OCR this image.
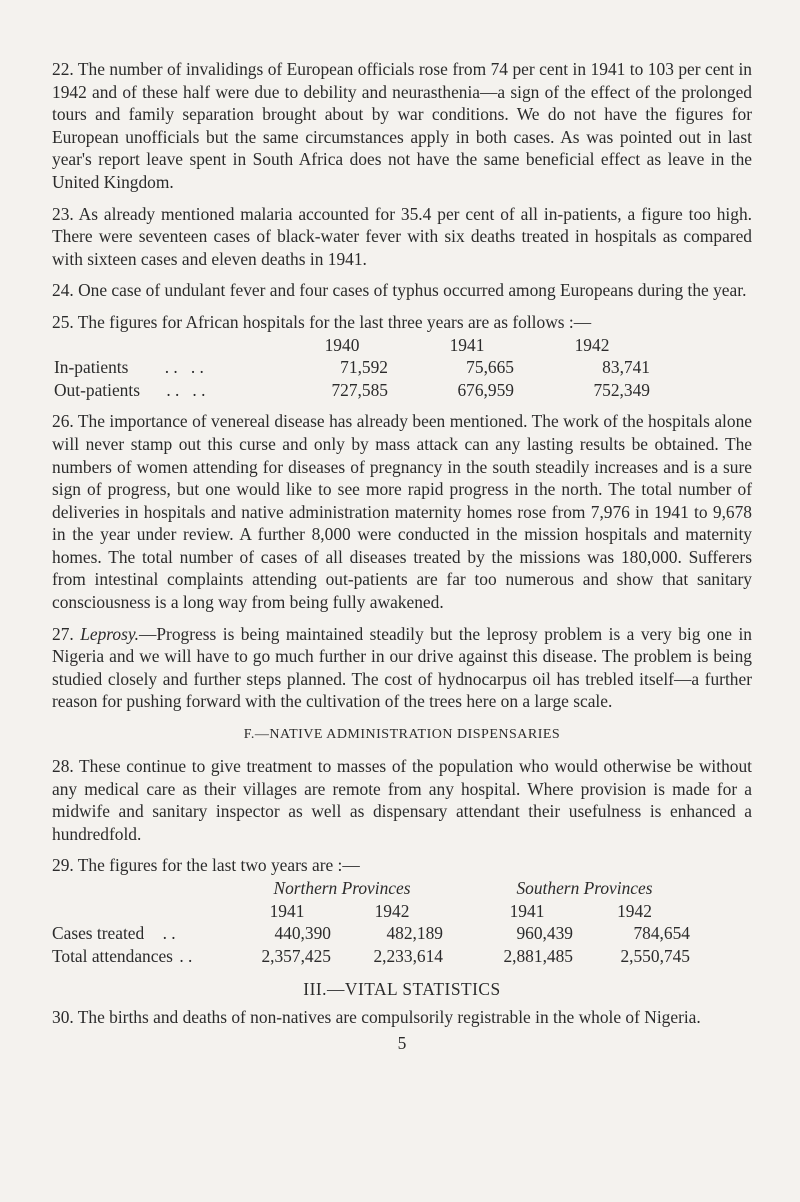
22. The number of invalidings of European officials rose from 74 per cent in 1941 to 103 per cent in 1942 and of these half were due to debility and neurasthenia—a sign of the effect of the prolonged tours and family separation brought about by war conditions. We do not have the figures for European unofficials but the same circumstances apply in both cases. As was pointed out in last year's report leave spent in South Africa does not have the same beneficial effect as leave in the United Kingdom.

23. As already mentioned malaria accounted for 35.4 per cent of all in-patients, a figure too high. There were seventeen cases of black-water fever with six deaths treated in hospitals as compared with sixteen cases and eleven deaths in 1941.

24. One case of undulant fever and four cases of typhus occurred among Europeans during the year.

25. The figures for African hospitals for the last three years are as follows :—

	1940	1941	1942
In-patients . .   . .	71,592	75,665	83,741
Out-patients . .   . .	727,585	676,959	752,349

26. The importance of venereal disease has already been mentioned. The work of the hospitals alone will never stamp out this curse and only by mass attack can any lasting results be obtained. The numbers of women attending for diseases of pregnancy in the south steadily increases and is a sure sign of progress, but one would like to see more rapid progress in the north. The total number of deliveries in hospitals and native administration maternity homes rose from 7,976 in 1941 to 9,678 in the year under review. A further 8,000 were conducted in the mission hospitals and maternity homes. The total number of cases of all diseases treated by the missions was 180,000. Sufferers from intestinal complaints attending out-patients are far too numerous and show that sanitary consciousness is a long way from being fully awakened.

27. Leprosy.—Progress is being maintained steadily but the leprosy problem is a very big one in Nigeria and we will have to go much further in our drive against this disease. The problem is being studied closely and further steps planned. The cost of hydnocarpus oil has trebled itself—a further reason for pushing forward with the cultivation of the trees here on a large scale.

F.—NATIVE ADMINISTRATION DISPENSARIES

28. These continue to give treatment to masses of the population who would otherwise be without any medical care as their villages are remote from any hospital. Where provision is made for a midwife and sanitary inspector as well as dispensary attendant their usefulness is enhanced a hundredfold.

29. The figures for the last two years are :—

	Northern Provinces			Southern Provinces	
	1941	1942		1941	1942
Cases treated . .	440,390	482,189		960,439	784,654
Total attendances . .	2,357,425	2,233,614		2,881,485	2,550,745
III.—VITAL STATISTICS

30. The births and deaths of non-natives are compulsorily registrable in the whole of Nigeria.

5
